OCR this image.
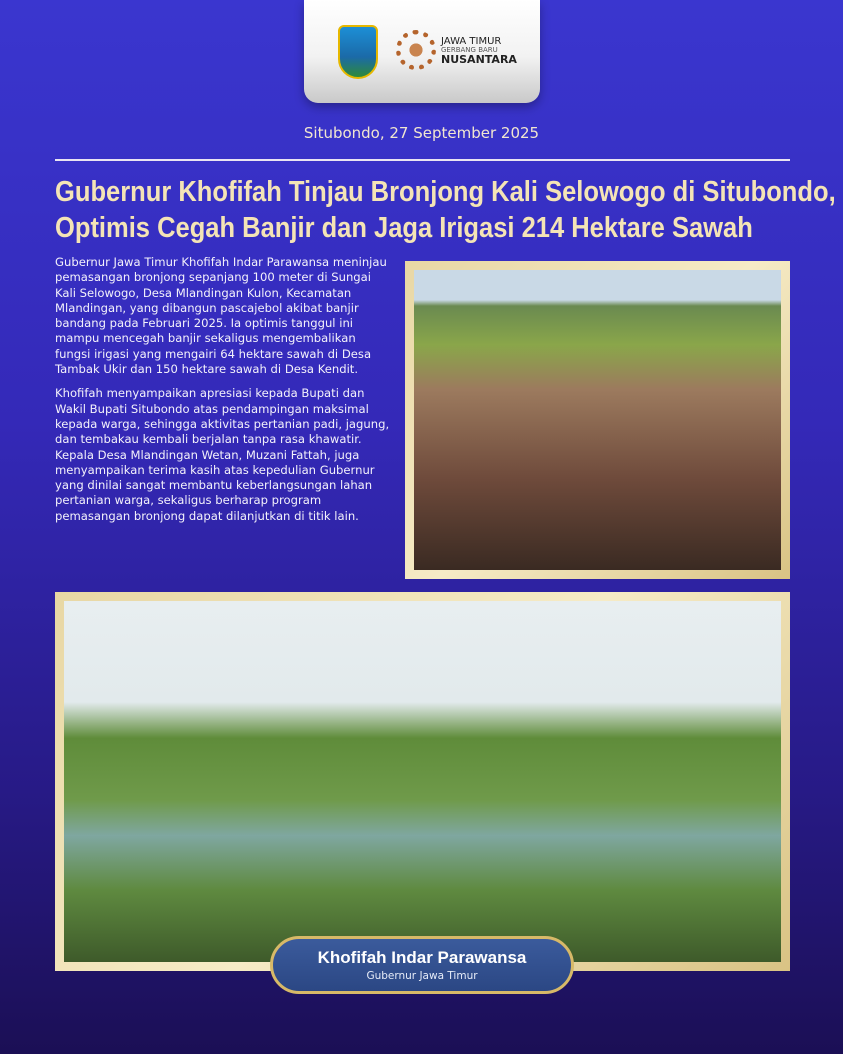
JAWA TIMUR
GERBANG BARU
NUSANTARA
Situbondo, 27 September 2025
Gubernur Khofifah Tinjau Bronjong Kali Selowogo di Situbondo,
Optimis Cegah Banjir dan Jaga Irigasi 214 Hektare Sawah

Gubernur Jawa Timur Khofifah Indar Parawansa meninjau pemasangan bronjong sepanjang 100 meter di Sungai Kali Selowogo, Desa Mlandingan Kulon, Kecamatan Mlandingan, yang dibangun pascajebol akibat banjir bandang pada Februari 2025. Ia optimis tanggul ini mampu mencegah banjir sekaligus mengembalikan fungsi irigasi yang mengairi 64 hektare sawah di Desa Tambak Ukir dan 150 hektare sawah di Desa Kendit.

Khofifah menyampaikan apresiasi kepada Bupati dan Wakil Bupati Situbondo atas pendampingan maksimal kepada warga, sehingga aktivitas pertanian padi, jagung, dan tembakau kembali berjalan tanpa rasa khawatir. Kepala Desa Mlandingan Wetan, Muzani Fattah, juga menyampaikan terima kasih atas kepedulian Gubernur yang dinilai sangat membantu keberlangsungan lahan pertanian warga, sekaligus berharap program pemasangan bronjong dapat dilanjutkan di titik lain.

Khofifah Indar Parawansa
Gubernur Jawa Timur
